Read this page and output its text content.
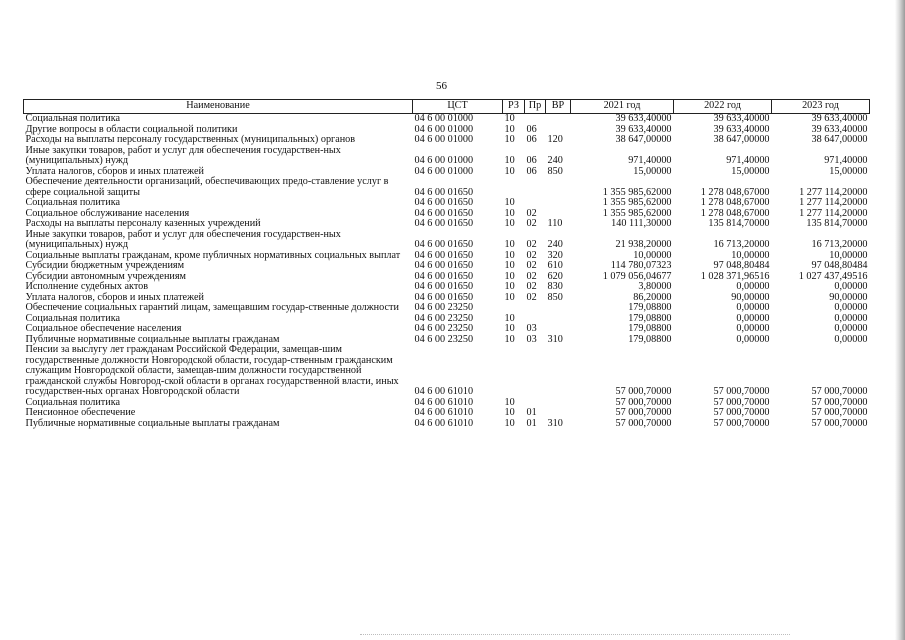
56
Наименование	ЦСТ	РЗ	Пр	ВР	2021 год	2022 год	2023 год
Социальная политика	04 6 00 01000	10			39 633,40000	39 633,40000	39 633,40000
Другие вопросы в области социальной политики	04 6 00 01000	10	06		39 633,40000	39 633,40000	39 633,40000
Расходы на выплаты персоналу государственных (муниципальных) органов	04 6 00 01000	10	06	120	38 647,00000	38 647,00000	38 647,00000
Иные закупки товаров, работ и услуг для обеспечения государствен-ных (муниципальных) нужд	04 6 00 01000	10	06	240	971,40000	971,40000	971,40000
Уплата налогов, сборов и иных платежей	04 6 00 01000	10	06	850	15,00000	15,00000	15,00000
Обеспечение деятельности организаций, обеспечивающих предо-ставление услуг в сфере социальной защиты	04 6 00 01650				1 355 985,62000	1 278 048,67000	1 277 114,20000
Социальная политика	04 6 00 01650	10			1 355 985,62000	1 278 048,67000	1 277 114,20000
Социальное обслуживание населения	04 6 00 01650	10	02		1 355 985,62000	1 278 048,67000	1 277 114,20000
Расходы на выплаты персоналу казенных учреждений	04 6 00 01650	10	02	110	140 111,30000	135 814,70000	135 814,70000
Иные закупки товаров, работ и услуг для обеспечения государствен-ных (муниципальных) нужд	04 6 00 01650	10	02	240	21 938,20000	16 713,20000	16 713,20000
Социальные выплаты гражданам, кроме публичных нормативных социальных выплат	04 6 00 01650	10	02	320	10,00000	10,00000	10,00000
Субсидии бюджетным учреждениям	04 6 00 01650	10	02	610	114 780,07323	97 048,80484	97 048,80484
Субсидии автономным учреждениям	04 6 00 01650	10	02	620	1 079 056,04677	1 028 371,96516	1 027 437,49516
Исполнение судебных актов	04 6 00 01650	10	02	830	3,80000	0,00000	0,00000
Уплата налогов, сборов и иных платежей	04 6 00 01650	10	02	850	86,20000	90,00000	90,00000
Обеспечение социальных гарантий лицам, замещавшим государ-ственные должности	04 6 00 23250				179,08800	0,00000	0,00000
Социальная политика	04 6 00 23250	10			179,08800	0,00000	0,00000
Социальное обеспечение населения	04 6 00 23250	10	03		179,08800	0,00000	0,00000
Публичные нормативные социальные выплаты гражданам	04 6 00 23250	10	03	310	179,08800	0,00000	0,00000
Пенсии за выслугу лет гражданам Российской Федерации, замещав-шим государственные должности Новгородской области, государ-ственным гражданским служащим Новгородской области, замещав-шим должности государственной гражданской службы Новгород-ской области в органах государственной власти, иных государствен-ных органах Новгородской области	04 6 00 61010				57 000,70000	57 000,70000	57 000,70000
Социальная политика	04 6 00 61010	10			57 000,70000	57 000,70000	57 000,70000
Пенсионное обеспечение	04 6 00 61010	10	01		57 000,70000	57 000,70000	57 000,70000
Публичные нормативные социальные выплаты гражданам	04 6 00 61010	10	01	310	57 000,70000	57 000,70000	57 000,70000
